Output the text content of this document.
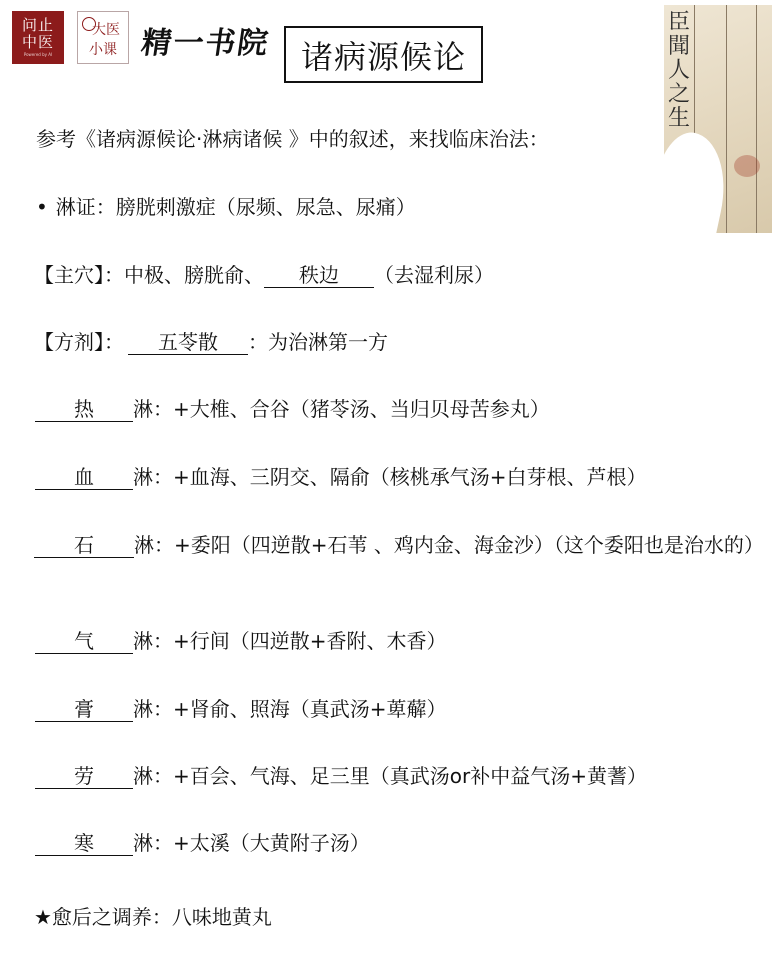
问止中医
Powered by AI
大医
小课 精一书院 诸病源候论
臣
聞
人
之
生
参考《诸病源候论·淋病诸候 》中的叙述，来找临床治法：
• 淋证：膀胱刺激症（尿频、尿急、尿痛）
【主穴】：中极、膀胱俞、 秩边 （去湿利尿）
【方剂】： 五苓散 ：为治淋第一方
热 淋：+大椎、合谷（猪苓汤、当归贝母苦参丸）
血 淋：+血海、三阴交、隔俞（核桃承气汤+白芽根、芦根）
石 淋：+委阳（四逆散+石苇 、鸡内金、海金沙）（这个委阳也是治水的）
气 淋：+行间（四逆散+香附、木香）
膏 淋：+肾俞、照海（真武汤+萆薢）
劳 淋：+百会、气海、足三里（真武汤or补中益气汤+黄蓍）
寒 淋：+太溪（大黄附子汤）
★愈后之调养：八味地黄丸
